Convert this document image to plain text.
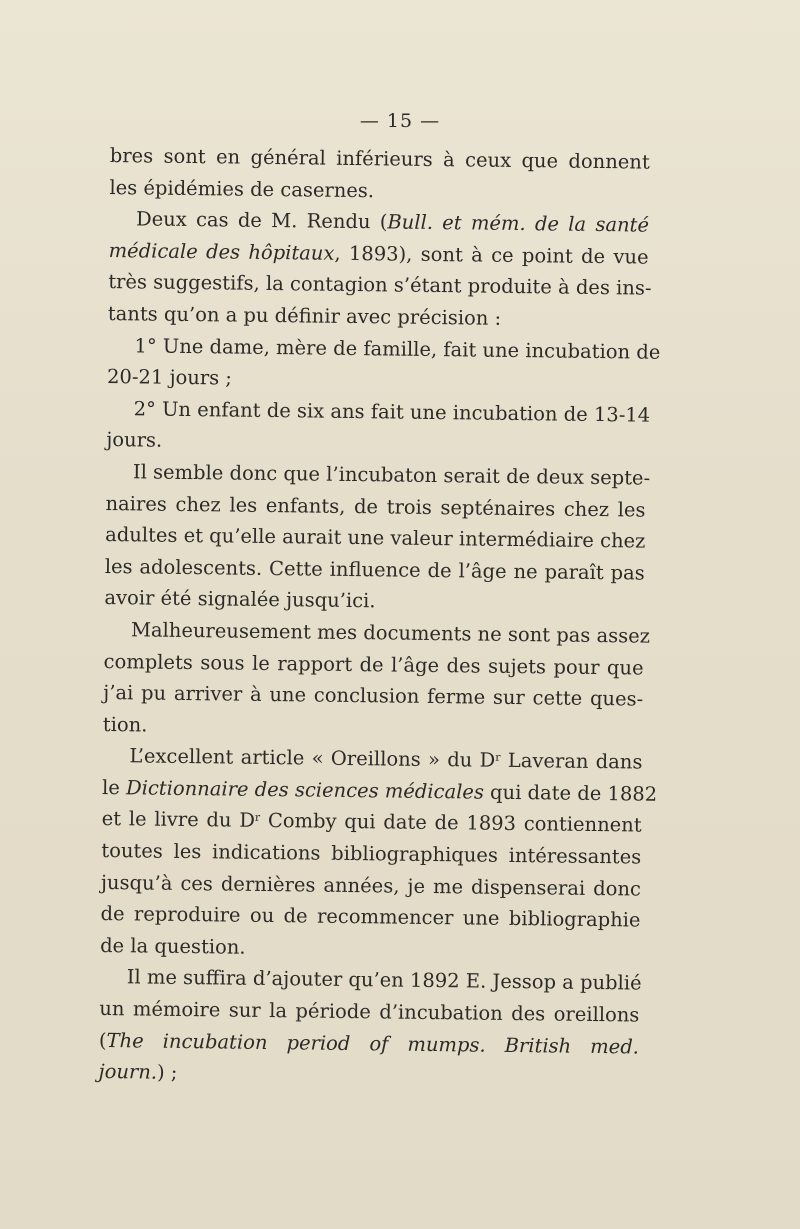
— 15 —
bres sont en général inférieurs à ceux que donnent
les épidémies de casernes.
Deux cas de M. Rendu (Bull. et mém. de la santé
médicale des hôpitaux, 1893), sont à ce point de vue
très suggestifs, la contagion s’étant produite à des ins-
tants qu’on a pu définir avec précision :
1° Une dame, mère de famille, fait une incubation de
20-21 jours ;
2° Un enfant de six ans fait une incubation de 13-14
jours.
Il semble donc que l’incubaton serait de deux septe-
naires chez les enfants, de trois septénaires chez les
adultes et qu’elle aurait une valeur intermédiaire chez
les adolescents. Cette influence de l’âge ne paraît pas
avoir été signalée jusqu’ici.
Malheureusement mes documents ne sont pas assez
complets sous le rapport de l’âge des sujets pour que
j’ai pu arriver à une conclusion ferme sur cette ques-
tion.
L’excellent article « Oreillons » du $D^r$ Laveran dans
le Dictionnaire des sciences médicales qui date de 1882
et le livre du $D^r$ Comby qui date de 1893 contiennent
toutes les indications bibliographiques intéressantes
jusqu’à ces dernières années, je me dispenserai donc
de reproduire ou de recommencer une bibliographie
de la question.
Il me suffira d’ajouter qu’en 1892 E. Jessop a publié
un mémoire sur la période d’incubation des oreillons
(The incubation period of mumps. British med.
journ.) ;
